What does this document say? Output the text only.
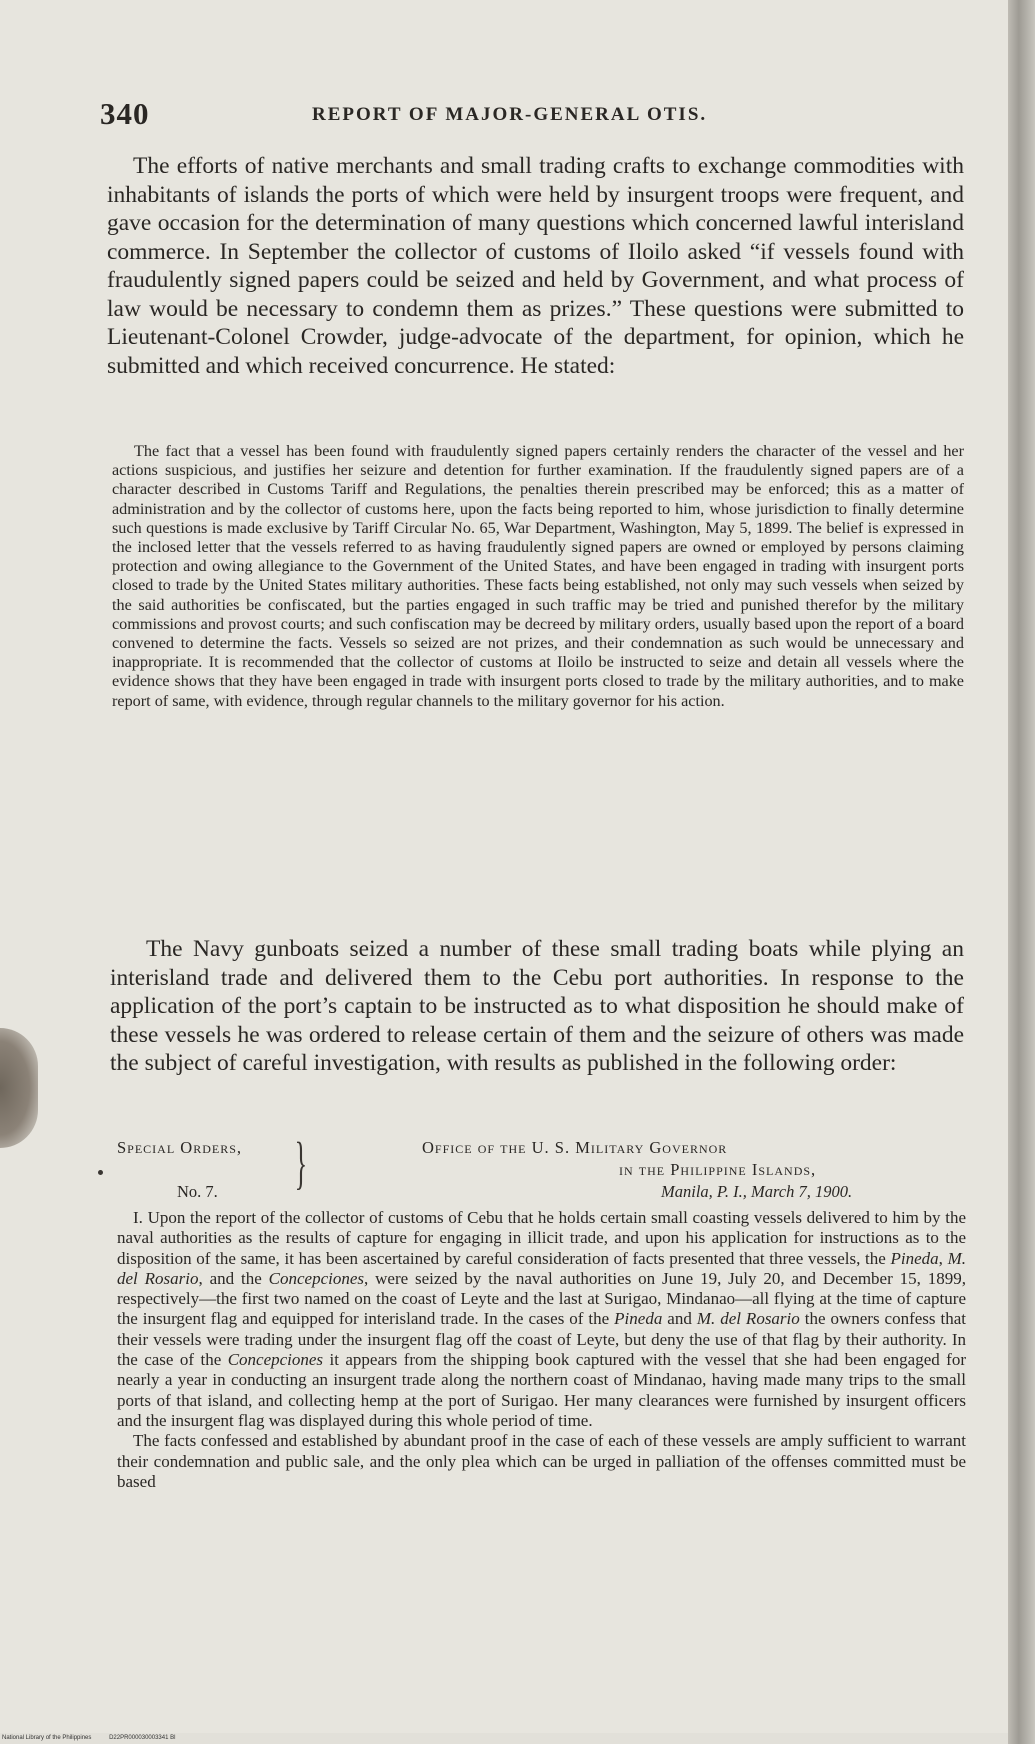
340	REPORT OF MAJOR-GENERAL OTIS.

The efforts of native merchants and small trading crafts to exchange commodities with inhabitants of islands the ports of which were held by insurgent troops were frequent, and gave occasion for the determination of many questions which concerned lawful interisland commerce. In September the collector of customs of Iloilo asked “if vessels found with fraudulently signed papers could be seized and held by Government, and what process of law would be necessary to condemn them as prizes.” These questions were submitted to Lieutenant-Colonel Crowder, judge-advocate of the department, for opinion, which he submitted and which received concurrence. He stated:

The fact that a vessel has been found with fraudulently signed papers certainly renders the character of the vessel and her actions suspicious, and justifies her seizure and detention for further examination. If the fraudulently signed papers are of a character described in Customs Tariff and Regulations, the penalties therein prescribed may be enforced; this as a matter of administration and by the collector of customs here, upon the facts being reported to him, whose jurisdiction to finally determine such questions is made exclusive by Tariff Circular No. 65, War Department, Washington, May 5, 1899. The belief is expressed in the inclosed letter that the vessels referred to as having fraudulently signed papers are owned or employed by persons claiming protection and owing allegiance to the Government of the United States, and have been engaged in trading with insurgent ports closed to trade by the United States military authorities. These facts being established, not only may such vessels when seized by the said authorities be confiscated, but the parties engaged in such traffic may be tried and punished therefor by the military commissions and provost courts; and such confiscation may be decreed by military orders, usually based upon the report of a board convened to determine the facts. Vessels so seized are not prizes, and their condemnation as such would be unnecessary and inappropriate. It is recommended that the collector of customs at Iloilo be instructed to seize and detain all vessels where the evidence shows that they have been engaged in trade with insurgent ports closed to trade by the military authorities, and to make report of same, with evidence, through regular channels to the military governor for his action.

The Navy gunboats seized a number of these small trading boats while plying an interisland trade and delivered them to the Cebu port authorities. In response to the application of the port’s captain to be instructed as to what disposition he should make of these vessels he was ordered to release certain of them and the seizure of others was made the subject of careful investigation, with results as published in the following order:

Special Orders,
No. 7. }	Office of the U. S. Military Governor
in the Philippine Islands,
Manila, P. I., March 7, 1900.

I. Upon the report of the collector of customs of Cebu that he holds certain small coasting vessels delivered to him by the naval authorities as the results of capture for engaging in illicit trade, and upon his application for instructions as to the disposition of the same, it has been ascertained by careful consideration of facts presented that three vessels, the Pineda, M. del Rosario, and the Concepciones, were seized by the naval authorities on June 19, July 20, and December 15, 1899, respectively—the first two named on the coast of Leyte and the last at Surigao, Mindanao—all flying at the time of capture the insurgent flag and equipped for interisland trade. In the cases of the Pineda and M. del Rosario the owners confess that their vessels were trading under the insurgent flag off the coast of Leyte, but deny the use of that flag by their authority. In the case of the Concepciones it appears from the shipping book captured with the vessel that she had been engaged for nearly a year in conducting an insurgent trade along the northern coast of Mindanao, having made many trips to the small ports of that island, and collecting hemp at the port of Surigao. Her many clearances were furnished by insurgent officers and the insurgent flag was displayed during this whole period of time.

The facts confessed and established by abundant proof in the case of each of these vessels are amply sufficient to warrant their condemnation and public sale, and the only plea which can be urged in palliation of the offenses committed must be based

National Library of the Philippines	D22PR000030003341 Bl
